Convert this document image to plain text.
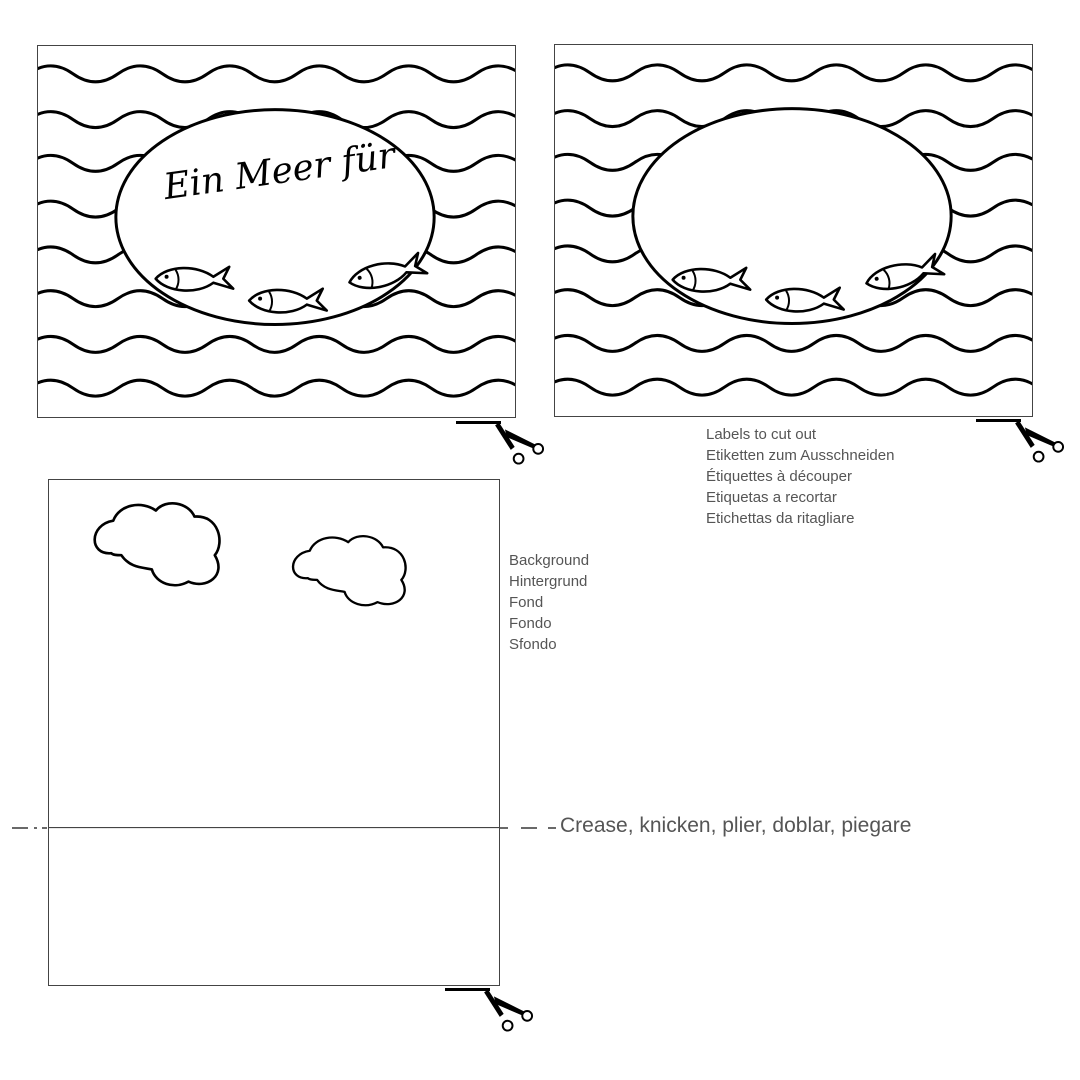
Ein Meer für
Labels to cut out
Etiketten zum Ausschneiden
Étiquettes à découper
Etiquetas a recortar
Etichettas da ritagliare
Background
Hintergrund
Fond
Fondo
Sfondo
Crease, knicken, plier, doblar, piegare
